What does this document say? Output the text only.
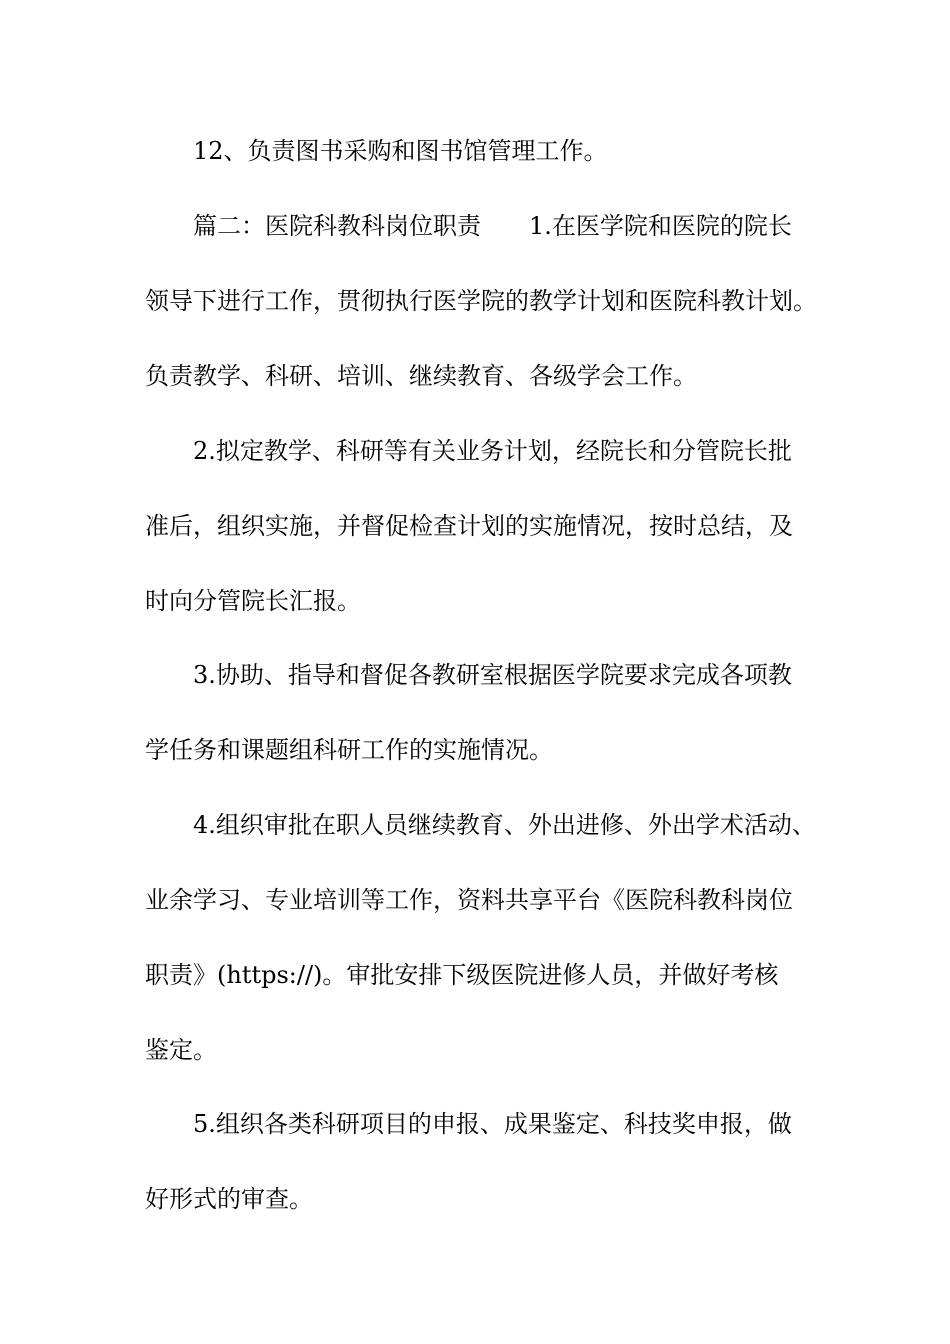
12、负责图书采购和图书馆管理工作。
篇二：医院科教科岗位职责　　1.在医学院和医院的院长
领导下进行工作，贯彻执行医学院的教学计划和医院科教计划。
负责教学、科研、培训、继续教育、各级学会工作。
2.拟定教学、科研等有关业务计划，经院长和分管院长批
准后，组织实施，并督促检查计划的实施情况，按时总结，及
时向分管院长汇报。
3.协助、指导和督促各教研室根据医学院要求完成各项教
学任务和课题组科研工作的实施情况。
4.组织审批在职人员继续教育、外出进修、外出学术活动、
业余学习、专业培训等工作，资料共享平台《医院科教科岗位
职责》(https://)。审批安排下级医院进修人员，并做好考核
鉴定。
5.组织各类科研项目的申报、成果鉴定、科技奖申报，做
好形式的审查。
